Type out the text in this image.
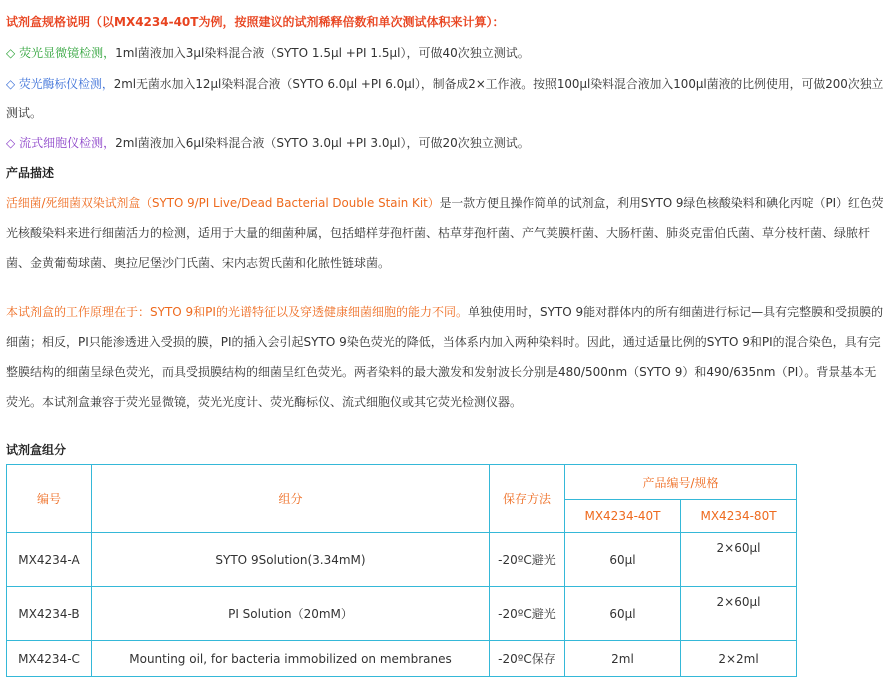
试剂盒规格说明（以MX4234-40T为例，按照建议的试剂稀释倍数和单次测试体积来计算）：
◇ 荧光显微镜检测，1ml菌液加入3μl染料混合液（SYTO 1.5μl +PI 1.5μl），可做40次独立测试。
◇ 荧光酶标仪检测，2ml无菌水加入12μl染料混合液（SYTO 6.0μl +PI 6.0μl），制备成2×工作液。按照100μl染料混合液加入100μl菌液的比例使用，可做200次独立
测试。
◇ 流式细胞仪检测，2ml菌液加入6μl染料混合液（SYTO 3.0μl +PI 3.0μl），可做20次独立测试。
产品描述
活细菌/死细菌双染试剂盒（SYTO 9/PI Live/Dead Bacterial Double Stain Kit）是一款方便且操作简单的试剂盒，利用SYTO 9绿色核酸染料和碘化丙啶（PI）红色荧
光核酸染料来进行细菌活力的检测，适用于大量的细菌种属，包括蜡样芽孢杆菌、枯草芽孢杆菌、产气荚膜杆菌、大肠杆菌、肺炎克雷伯氏菌、草分枝杆菌、绿脓杆
菌、金黄葡萄球菌、奥拉尼堡沙门氏菌、宋内志贺氏菌和化脓性链球菌。
本试剂盒的工作原理在于：SYTO 9和PI的光谱特征以及穿透健康细菌细胞的能力不同。单独使用时，SYTO 9能对群体内的所有细菌进行标记—具有完整膜和受损膜的
细菌；相反，PI只能渗透进入受损的膜，PI的插入会引起SYTO 9染色荧光的降低，当体系内加入两种染料时。因此，通过适量比例的SYTO 9和PI的混合染色，具有完
整膜结构的细菌呈绿色荧光，而具受损膜结构的细菌呈红色荧光。两者染料的最大激发和发射波长分别是480/500nm（SYTO 9）和490/635nm（PI）。背景基本无
荧光。本试剂盒兼容于荧光显微镜，荧光光度计、荧光酶标仪、流式细胞仪或其它荧光检测仪器。
试剂盒组分
编号	组分	保存方法	产品编号/规格	
			MX4234-40T	MX4234-80T
MX4234-A	SYTO 9Solution(3.34mM)	-20ºC避光	60μl	2×60μl
MX4234-B	PI Solution（20mM）	-20ºC避光	60μl	2×60μl
MX4234-C	Mounting oil, for bacteria immobilized on membranes	-20ºC保存	2ml	2×2ml
